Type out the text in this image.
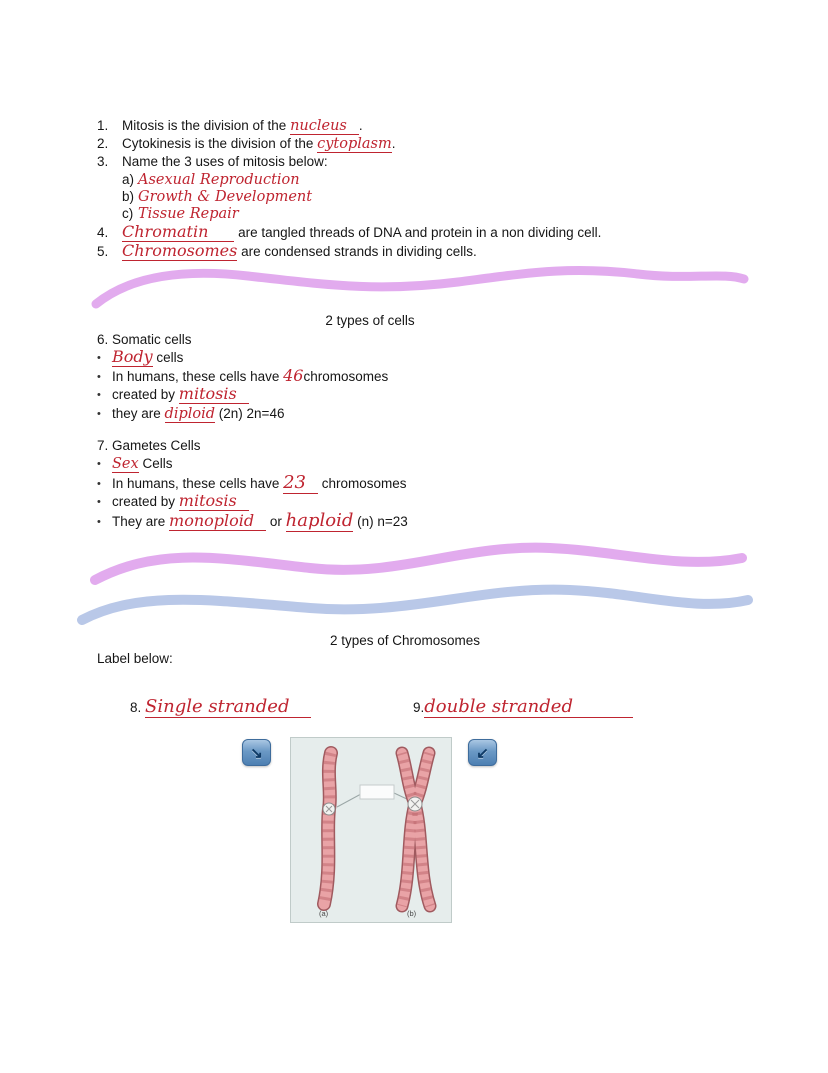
1. Mitosis is the division of the nucleus .
2. Cytokinesis is the division of the cytoplasm.
3. Name the 3 uses of mitosis below:
a) Asexual Reproduction
b) Growth & Development
c) Tissue Repair
4. Chromatin are tangled threads of DNA and protein in a non dividing cell.
5. Chromosomes are condensed strands in dividing cells.
2 types of cells
6. Somatic cells
• Body cells
• In humans, these cells have 46chromosomes
• created by mitosis
• they are diploid (2n) 2n=46
7. Gametes Cells
• Sex Cells
• In humans, these cells have 23 chromosomes
• created by mitosis
• They are monoploid or haploid (n) n=23
2 types of Chromosomes
Label below:
8. Single stranded	9.double stranded
↘	↙
(a)	(b)
